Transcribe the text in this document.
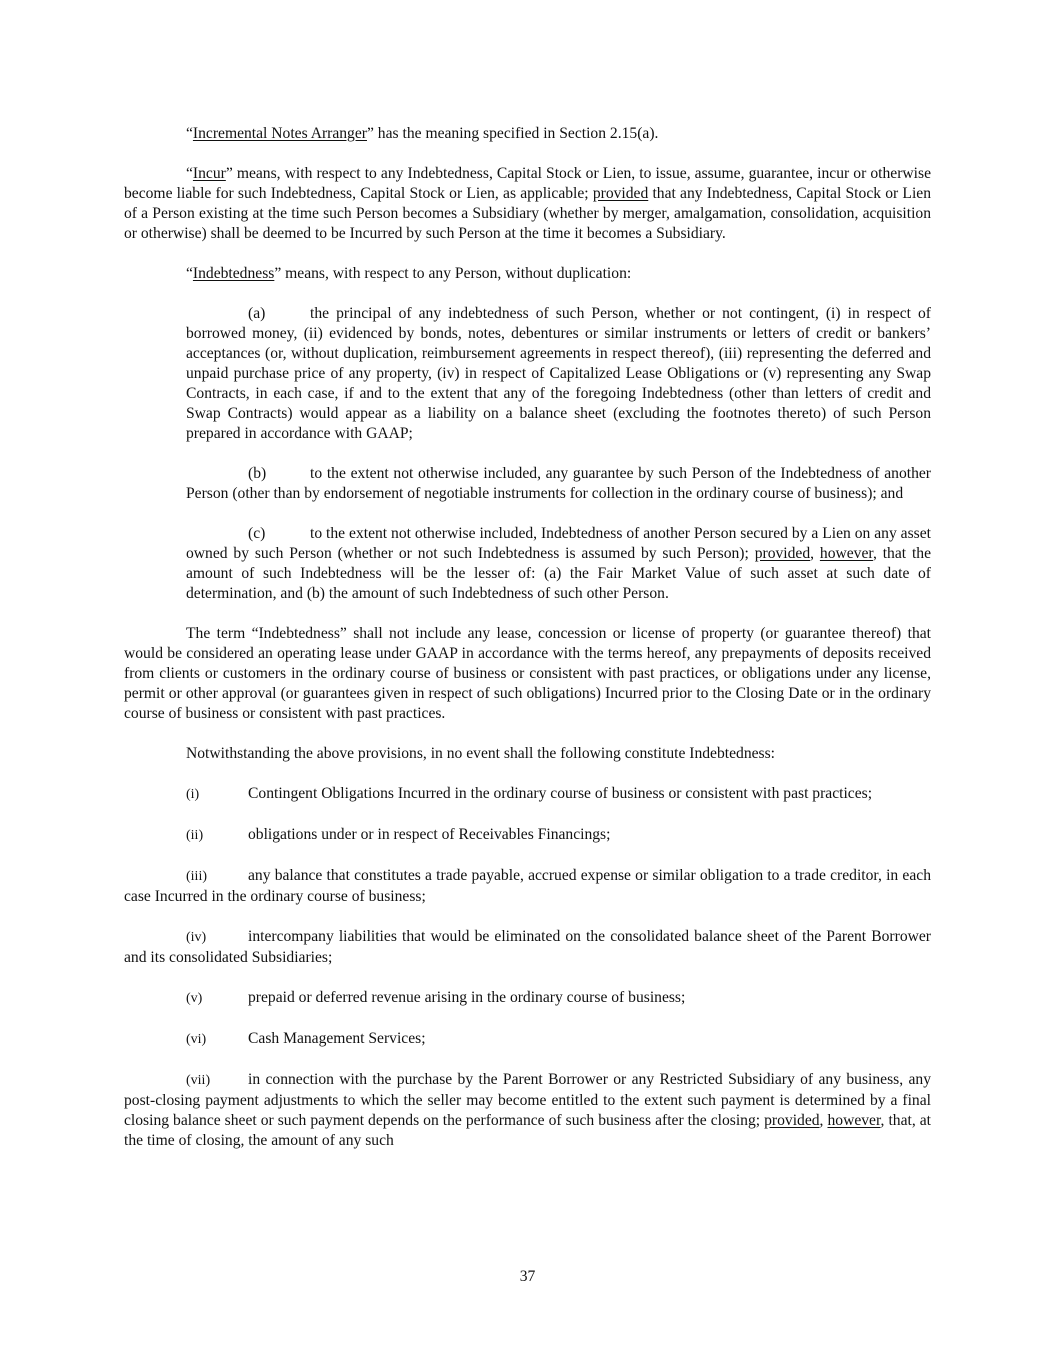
“Incremental Notes Arranger” has the meaning specified in Section 2.15(a).

“Incur” means, with respect to any Indebtedness, Capital Stock or Lien, to issue, assume, guarantee, incur or otherwise become liable for such Indebtedness, Capital Stock or Lien, as applicable; provided that any Indebtedness, Capital Stock or Lien of a Person existing at the time such Person becomes a Subsidiary (whether by merger, amalgamation, consolidation, acquisition or otherwise) shall be deemed to be Incurred by such Person at the time it becomes a Subsidiary.

“Indebtedness” means, with respect to any Person, without duplication:

(a)	the principal of any indebtedness of such Person, whether or not contingent, (i) in respect of borrowed money, (ii) evidenced by bonds, notes, debentures or similar instruments or letters of credit or bankers’ acceptances (or, without duplication, reimbursement agreements in respect thereof), (iii) representing the deferred and unpaid purchase price of any property, (iv) in respect of Capitalized Lease Obligations or (v) representing any Swap Contracts, in each case, if and to the extent that any of the foregoing Indebtedness (other than letters of credit and Swap Contracts) would appear as a liability on a balance sheet (excluding the footnotes thereto) of such Person prepared in accordance with GAAP;

(b)	to the extent not otherwise included, any guarantee by such Person of the Indebtedness of another Person (other than by endorsement of negotiable instruments for collection in the ordinary course of business); and

(c)	to the extent not otherwise included, Indebtedness of another Person secured by a Lien on any asset owned by such Person (whether or not such Indebtedness is assumed by such Person); provided, however, that the amount of such Indebtedness will be the lesser of: (a) the Fair Market Value of such asset at such date of determination, and (b) the amount of such Indebtedness of such other Person.

The term “Indebtedness” shall not include any lease, concession or license of property (or guarantee thereof) that would be considered an operating lease under GAAP in accordance with the terms hereof, any prepayments of deposits received from clients or customers in the ordinary course of business or consistent with past practices, or obligations under any license, permit or other approval (or guarantees given in respect of such obligations) Incurred prior to the Closing Date or in the ordinary course of business or consistent with past practices.

Notwithstanding the above provisions, in no event shall the following constitute Indebtedness:

(i)	Contingent Obligations Incurred in the ordinary course of business or consistent with past practices;

(ii)	obligations under or in respect of Receivables Financings;

(iii)	any balance that constitutes a trade payable, accrued expense or similar obligation to a trade creditor, in each case Incurred in the ordinary course of business;

(iv)	intercompany liabilities that would be eliminated on the consolidated balance sheet of the Parent Borrower and its consolidated Subsidiaries;

(v)	prepaid or deferred revenue arising in the ordinary course of business;

(vi)	Cash Management Services;

(vii) in connection with the purchase by the Parent Borrower or any Restricted Subsidiary of any business, any post-closing payment adjustments to which the seller may become entitled to the extent such payment is determined by a final closing balance sheet or such payment depends on the performance of such business after the closing; provided, however, that, at the time of closing, the amount of any such

37
